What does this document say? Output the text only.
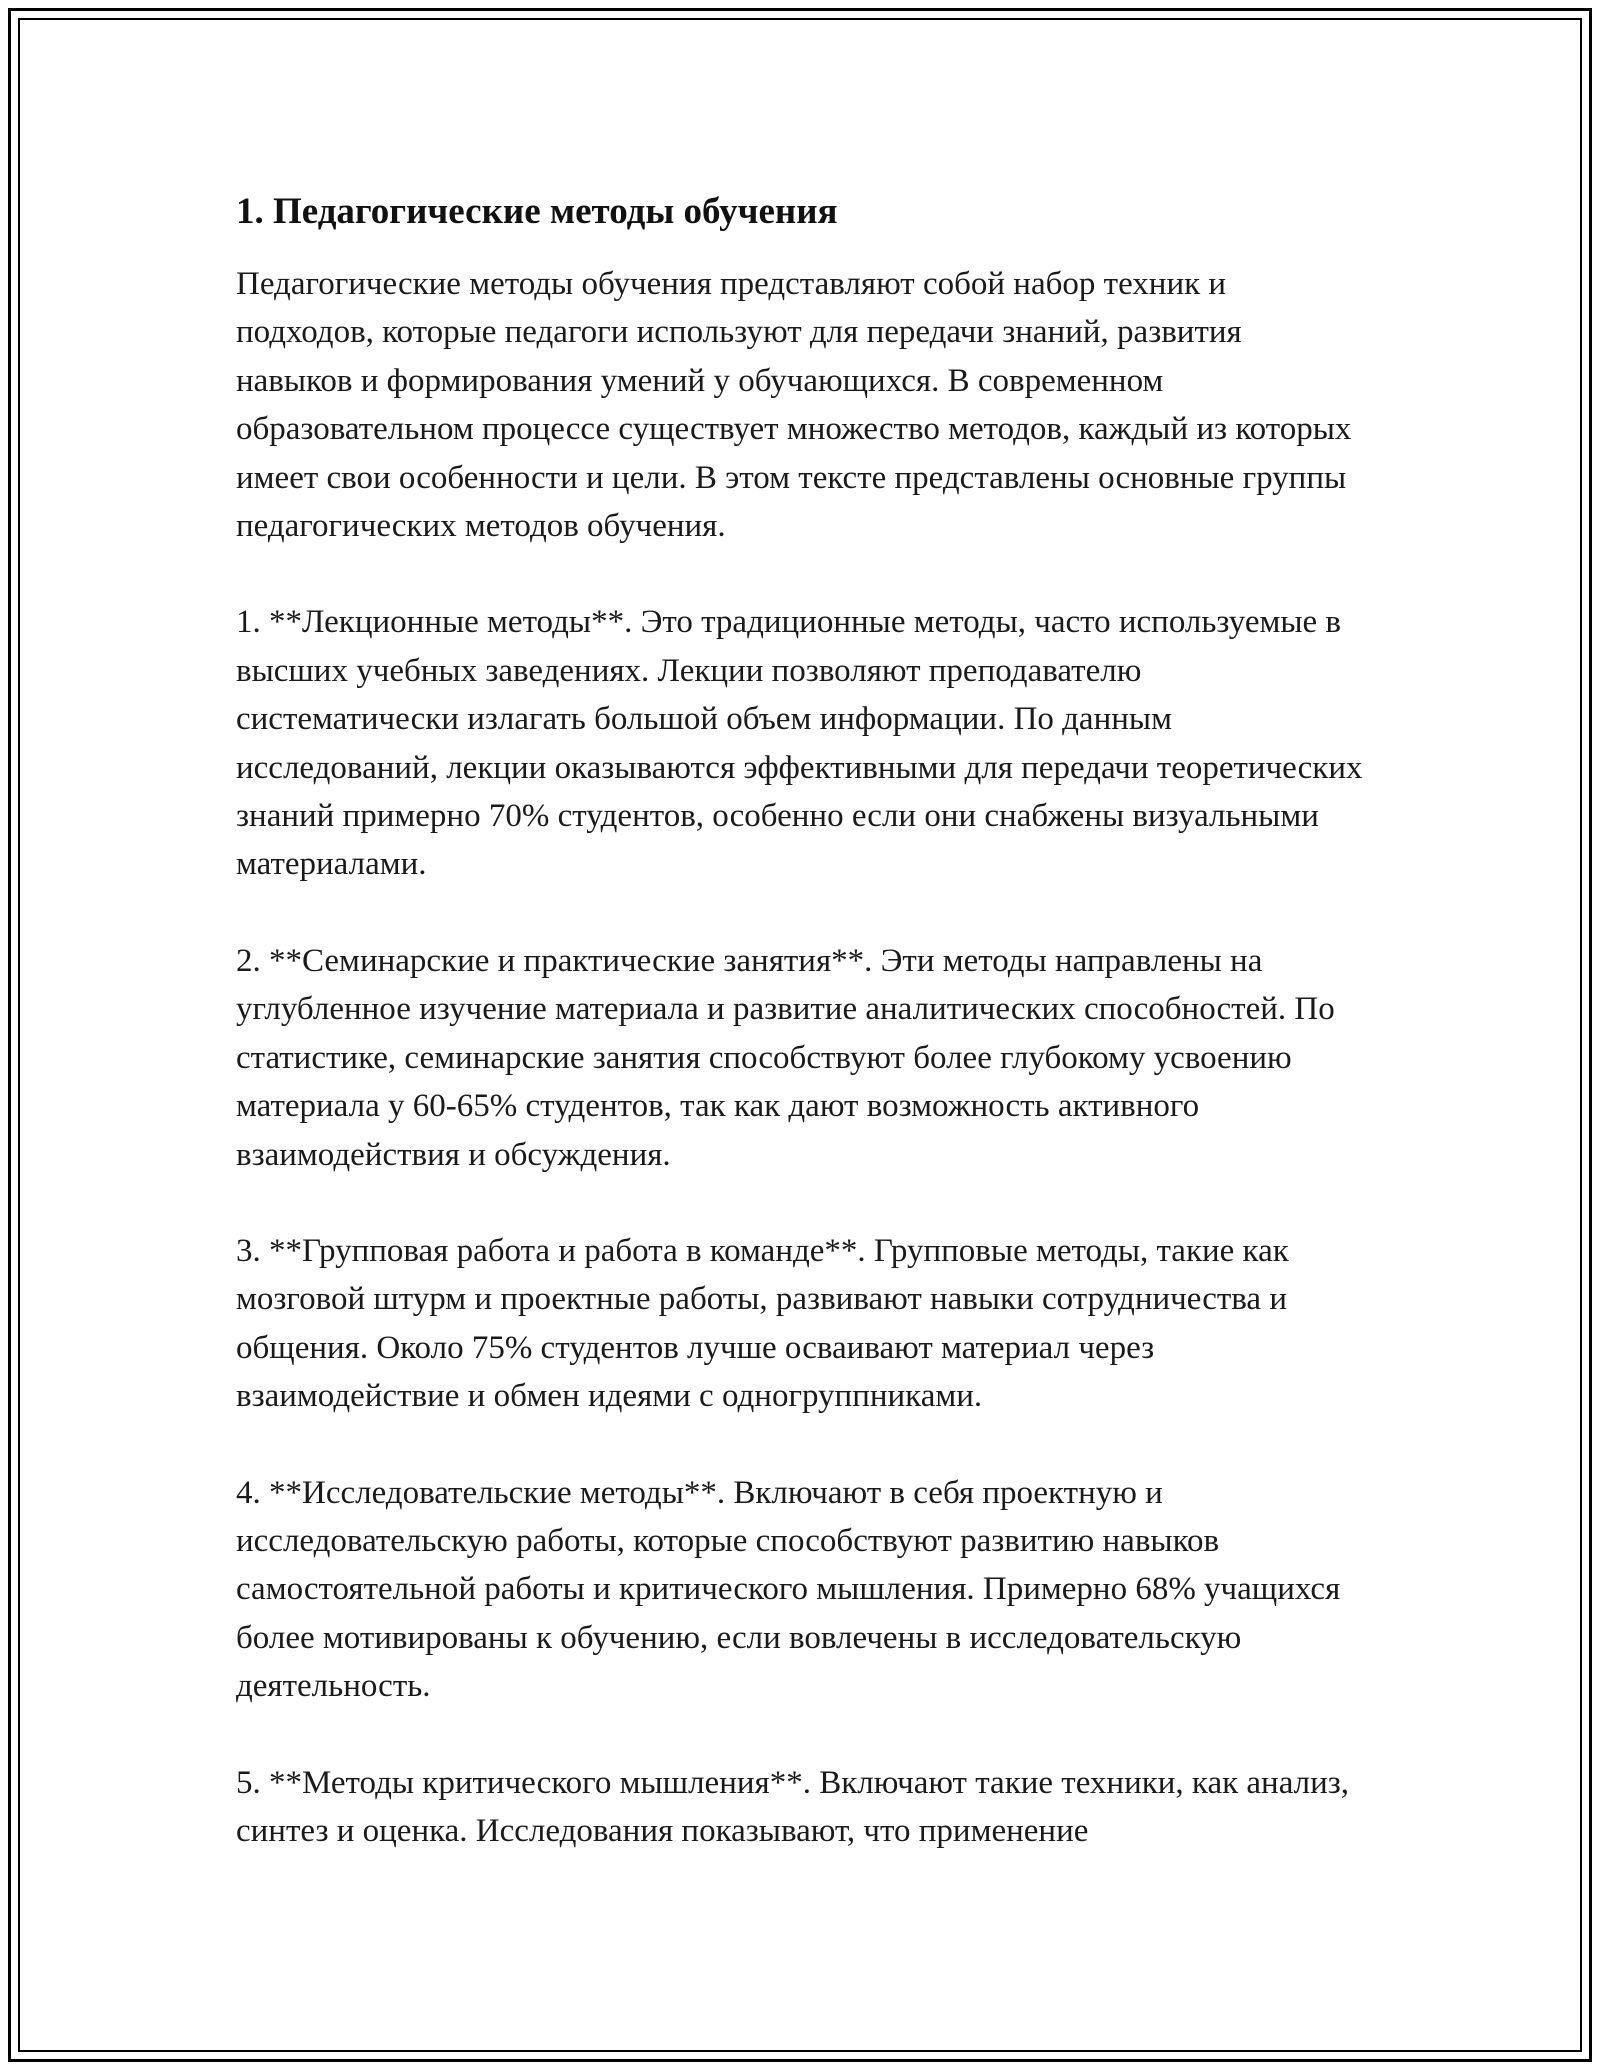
1. Педагогические методы обучения

Педагогические методы обучения представляют собой набор техник и подходов, которые педагоги используют для передачи знаний, развития навыков и формирования умений у обучающихся. В современном образовательном процессе существует множество методов, каждый из которых имеет свои особенности и цели. В этом тексте представлены основные группы педагогических методов обучения.

1. **Лекционные методы**. Это традиционные методы, часто используемые в высших учебных заведениях. Лекции позволяют преподавателю систематически излагать большой объем информации. По данным исследований, лекции оказываются эффективными для передачи теоретических знаний примерно 70% студентов, особенно если они снабжены визуальными материалами.

2. **Семинарские и практические занятия**. Эти методы направлены на углубленное изучение материала и развитие аналитических способностей. По статистике, семинарские занятия способствуют более глубокому усвоению материала у 60-65% студентов, так как дают возможность активного взаимодействия и обсуждения.

3. **Групповая работа и работа в команде**. Групповые методы, такие как мозговой штурм и проектные работы, развивают навыки сотрудничества и общения. Около 75% студентов лучше осваивают материал через взаимодействие и обмен идеями с одногруппниками.

4. **Исследовательские методы**. Включают в себя проектную и исследовательскую работы, которые способствуют развитию навыков самостоятельной работы и критического мышления. Примерно 68% учащихся более мотивированы к обучению, если вовлечены в исследовательскую деятельность.

5. **Методы критического мышления**. Включают такие техники, как анализ, синтез и оценка. Исследования показывают, что применение
